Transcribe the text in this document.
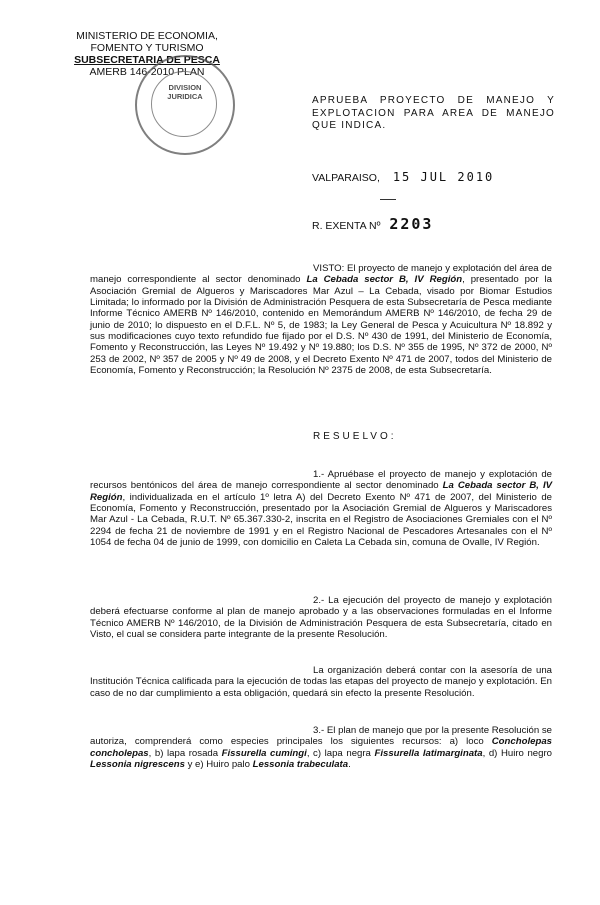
MINISTERIO DE ECONOMIA,
FOMENTO Y TURISMO
SUBSECRETARIA DE PESCA
AMERB 146-2010 PLAN
DIVISION
JURIDICA	APRUEBA PROYECTO DE MANEJO Y EXPLOTACION PARA AREA DE MANEJO QUE INDICA.
VALPARAISO, 15 JUL 2010
R. EXENTA Nº 2203
VISTO: El proyecto de manejo y explotación del área de manejo correspondiente al sector denominado La Cebada sector B, IV Región, presentado por la Asociación Gremial de Algueros y Mariscadores Mar Azul – La Cebada, visado por Biomar Estudios Limitada; lo informado por la División de Administración Pesquera de esta Subsecretaría de Pesca mediante Informe Técnico AMERB Nº 146/2010, contenido en Memorándum AMERB Nº 146/2010, de fecha 29 de junio de 2010; lo dispuesto en el D.F.L. Nº 5, de 1983; la Ley General de Pesca y Acuicultura Nº 18.892 y sus modificaciones cuyo texto refundido fue fijado por el D.S. Nº 430 de 1991, del Ministerio de Economía, Fomento y Reconstrucción, las Leyes Nº 19.492 y Nº 19.880; los D.S. Nº 355 de 1995, Nº 372 de 2000, Nº 253 de 2002, Nº 357 de 2005 y Nº 49 de 2008, y el Decreto Exento Nº 471 de 2007, todos del Ministerio de Economía, Fomento y Reconstrucción; la Resolución Nº 2375 de 2008, de esta Subsecretaría.
RESUELVO:
1.- Apruébase el proyecto de manejo y explotación de recursos bentónicos del área de manejo correspondiente al sector denominado La Cebada sector B, IV Región, individualizada en el artículo 1º letra A) del Decreto Exento Nº 471 de 2007, del Ministerio de Economía, Fomento y Reconstrucción, presentado por la Asociación Gremial de Algueros y Mariscadores Mar Azul - La Cebada, R.U.T. Nº 65.367.330-2, inscrita en el Registro de Asociaciones Gremiales con el Nº 2294 de fecha 21 de noviembre de 1991 y en el Registro Nacional de Pescadores Artesanales con el Nº 1054 de fecha 04 de junio de 1999, con domicilio en Caleta La Cebada sin, comuna de Ovalle, IV Región.
2.- La ejecución del proyecto de manejo y explotación deberá efectuarse conforme al plan de manejo aprobado y a las observaciones formuladas en el Informe Técnico AMERB Nº 146/2010, de la División de Administración Pesquera de esta Subsecretaría, citado en Visto, el cual se considera parte integrante de la presente Resolución.
La organización deberá contar con la asesoría de una Institución Técnica calificada para la ejecución de todas las etapas del proyecto de manejo y explotación. En caso de no dar cumplimiento a esta obligación, quedará sin efecto la presente Resolución.
3.- El plan de manejo que por la presente Resolución se autoriza, comprenderá como especies principales los siguientes recursos: a) loco Concholepas concholepas, b) lapa rosada Fissurella cumingi, c) lapa negra Fissurella latimarginata, d) Huiro negro Lessonia nigrescens y e) Huiro palo Lessonia trabeculata.
